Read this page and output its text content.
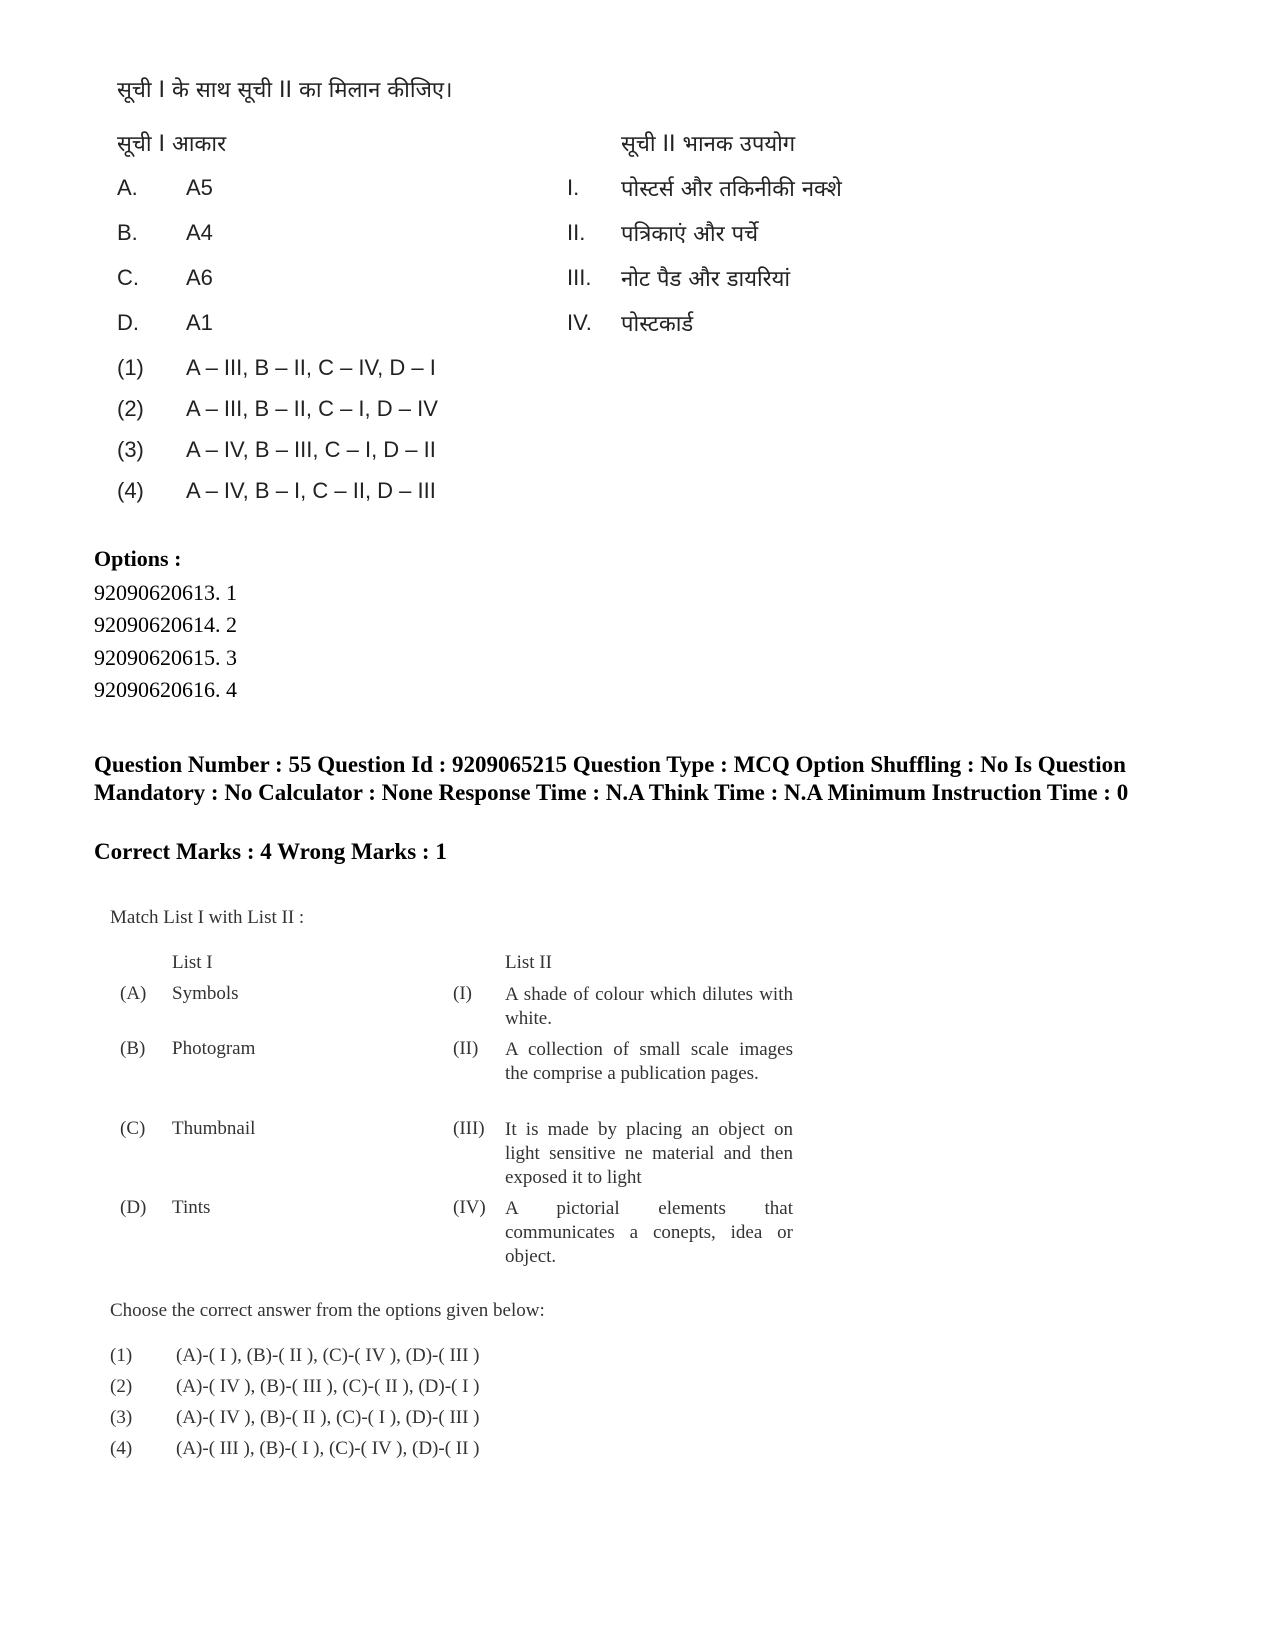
सूची I के साथ सूची II का मिलान कीजिए।
सूची I आकार	सूची II भानक उपयोग
A. A5
B. A4
C. A6
D. A1
I. पोस्टर्स और तकिनीकी नक्शे
II. पत्रिकाएं और पर्चे
III. नोट पैड और डायरियां
IV. पोस्टकार्ड
(1) A – III, B – II, C – IV, D – I
(2) A – III, B – II, C – I, D – IV
(3) A – IV, B – III, C – I, D – II
(4) A – IV, B – I, C – II, D – III
Options :
92090620613. 1
92090620614. 2
92090620615. 3
92090620616. 4
Question Number : 55 Question Id : 9209065215 Question Type : MCQ Option Shuffling : No Is Question Mandatory : No Calculator : None Response Time : N.A Think Time : N.A Minimum Instruction Time : 0
Correct Marks : 4 Wrong Marks : 1
Match List I with List II :
List I	List II
(A) Symbols
(B) Photogram
(C) Thumbnail
(D) Tints
(I) A shade of colour which dilutes with white.
(II) A collection of small scale images the comprise a publication pages.
(III) It is made by placing an object on light sensitive ne material and then exposed it to light
(IV) A pictorial elements that communicates a conepts, idea or object.
Choose the correct answer from the options given below:
(1) (A)-( I ), (B)-( II ), (C)-( IV ), (D)-( III )
(2) (A)-( IV ), (B)-( III ), (C)-( II ), (D)-( I )
(3) (A)-( IV ), (B)-( II ), (C)-( I ), (D)-( III )
(4) (A)-( III ), (B)-( I ), (C)-( IV ), (D)-( II )
